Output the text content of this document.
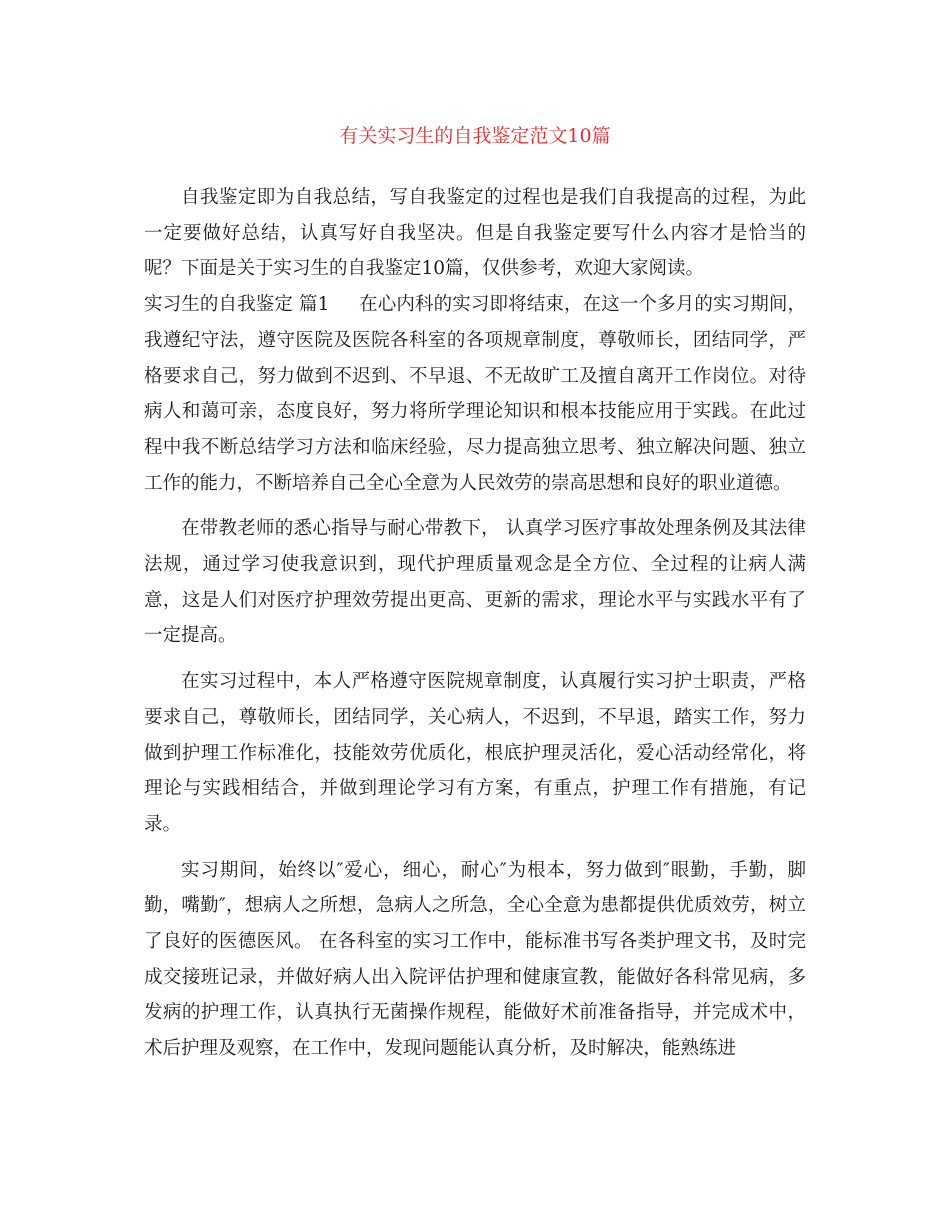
有关实习生的自我鉴定范文10篇

自我鉴定即为自我总结，写自我鉴定的过程也是我们自我提高的过程，为此一定要做好总结，认真写好自我坚决。但是自我鉴定要写什么内容才是恰当的呢？下面是关于实习生的自我鉴定10篇，仅供参考，欢迎大家阅读。

实习生的自我鉴定 篇1 在心内科的实习即将结束，在这一个多月的实习期间，我遵纪守法，遵守医院及医院各科室的各项规章制度，尊敬师长，团结同学，严格要求自己，努力做到不迟到、不早退、不无故旷工及擅自离开工作岗位。对待病人和蔼可亲，态度良好，努力将所学理论知识和根本技能应用于实践。在此过程中我不断总结学习方法和临床经验，尽力提高独立思考、独立解决问题、独立工作的能力，不断培养自己全心全意为人民效劳的崇高思想和良好的职业道德。

在带教老师的悉心指导与耐心带教下， 认真学习医疗事故处理条例及其法律法规，通过学习使我意识到，现代护理质量观念是全方位、全过程的让病人满意，这是人们对医疗护理效劳提出更高、更新的需求，理论水平与实践水平有了一定提高。

在实习过程中，本人严格遵守医院规章制度，认真履行实习护士职责，严格要求自己，尊敬师长，团结同学，关心病人，不迟到，不早退，踏实工作，努力做到护理工作标准化，技能效劳优质化，根底护理灵活化，爱心活动经常化，将理论与实践相结合，并做到理论学习有方案，有重点，护理工作有措施，有记录。

实习期间，始终以″爱心，细心，耐心″为根本，努力做到″眼勤，手勤，脚勤，嘴勤″，想病人之所想，急病人之所急，全心全意为患都提供优质效劳，树立了良好的医德医风。 在各科室的实习工作中，能标准书写各类护理文书，及时完成交接班记录，并做好病人出入院评估护理和健康宣教，能做好各科常见病，多发病的护理工作，认真执行无菌操作规程，能做好术前准备指导，并完成术中，术后护理及观察，在工作中，发现问题能认真分析，及时解决，能熟练进
